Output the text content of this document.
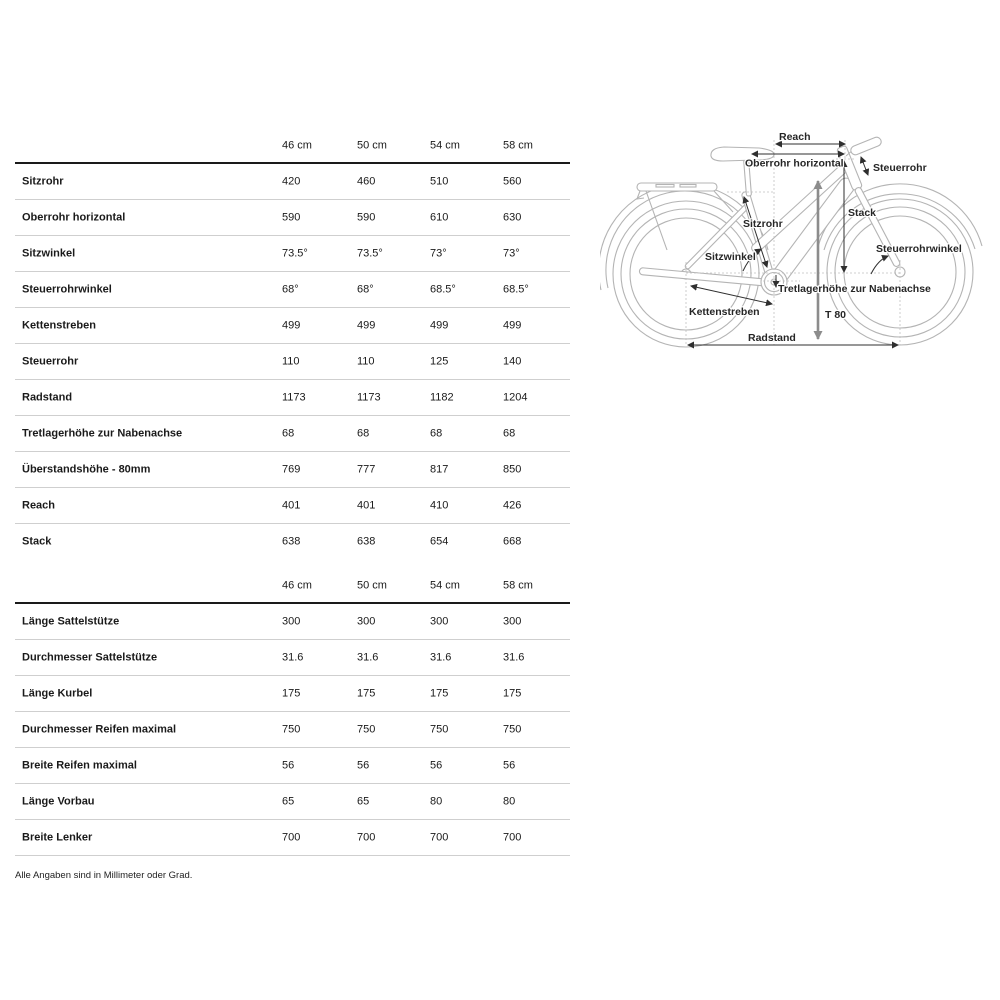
46 cm	50 cm	54 cm	58 cm
Sitzrohr	420	460	510	560
Oberrohr horizontal	590	590	610	630
Sitzwinkel	73.5°	73.5°	73°	73°
Steuerrohrwinkel	68°	68°	68.5°	68.5°
Kettenstreben	499	499	499	499
Steuerrohr	110	110	125	140
Radstand	1173	1173	1182	1204
Tretlagerhöhe zur Nabenachse	68	68	68	68
Überstandshöhe - 80mm	769	777	817	850
Reach	401	401	410	426
Stack	638	638	654	668
46 cm	50 cm	54 cm	58 cm
Länge Sattelstütze	300	300	300	300
Durchmesser Sattelstütze	31.6	31.6	31.6	31.6
Länge Kurbel	175	175	175	175
Durchmesser Reifen maximal	750	750	750	750
Breite Reifen maximal	56	56	56	56
Länge Vorbau	65	65	80	80
Breite Lenker	700	700	700	700
Alle Angaben sind in Millimeter oder Grad.
Reach
Oberrohr horizontal	Steuerrohr
Sitzrohr
Stack
Steuerrohrwinkel
Sitzwinkel
Tretlagerhöhe zur Nabenachse
Kettenstreben	T 80
Radstand
